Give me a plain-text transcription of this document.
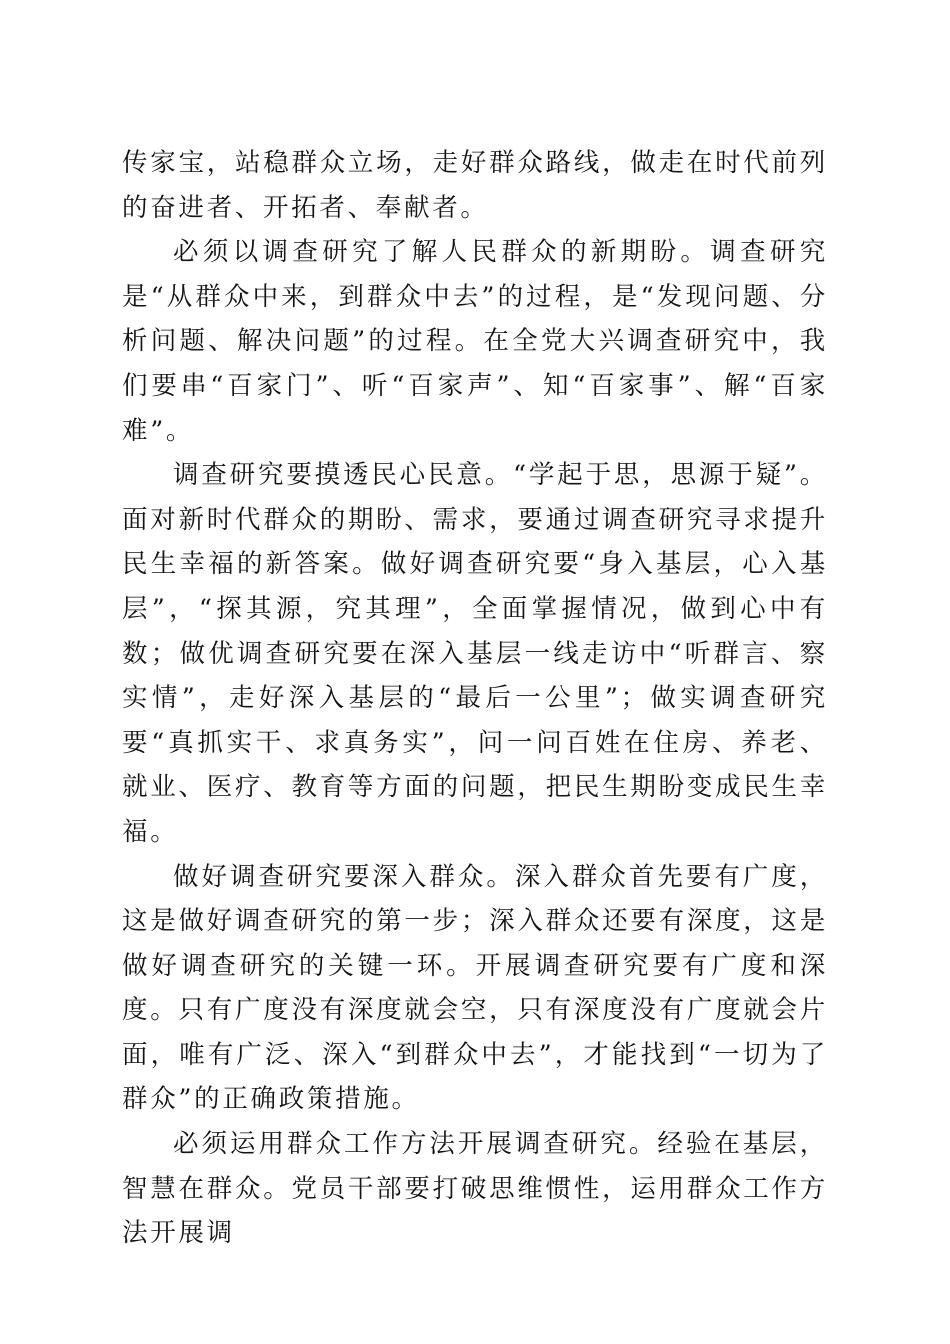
传家宝，站稳群众立场，走好群众路线，做走在时代前列的奋进者、开拓者、奉献者。

必须以调查研究了解人民群众的新期盼。调查研究是“从群众中来，到群众中去”的过程，是“发现问题、分析问题、解决问题”的过程。在全党大兴调查研究中，我们要串“百家门”、听“百家声”、知“百家事”、解“百家难”。

调查研究要摸透民心民意。“学起于思，思源于疑”。面对新时代群众的期盼、需求，要通过调查研究寻求提升民生幸福的新答案。做好调查研究要“身入基层，心入基层”，“探其源，究其理”，全面掌握情况，做到心中有数；做优调查研究要在深入基层一线走访中“听群言、察实情”，走好深入基层的“最后一公里”；做实调查研究要“真抓实干、求真务实”，问一问百姓在住房、养老、就业、医疗、教育等方面的问题，把民生期盼变成民生幸福。

做好调查研究要深入群众。深入群众首先要有广度，这是做好调查研究的第一步；深入群众还要有深度，这是做好调查研究的关键一环。开展调查研究要有广度和深度。只有广度没有深度就会空，只有深度没有广度就会片面，唯有广泛、深入“到群众中去”，才能找到“一切为了群众”的正确政策措施。

必须运用群众工作方法开展调查研究。经验在基层，智慧在群众。党员干部要打破思维惯性，运用群众工作方法开展调
